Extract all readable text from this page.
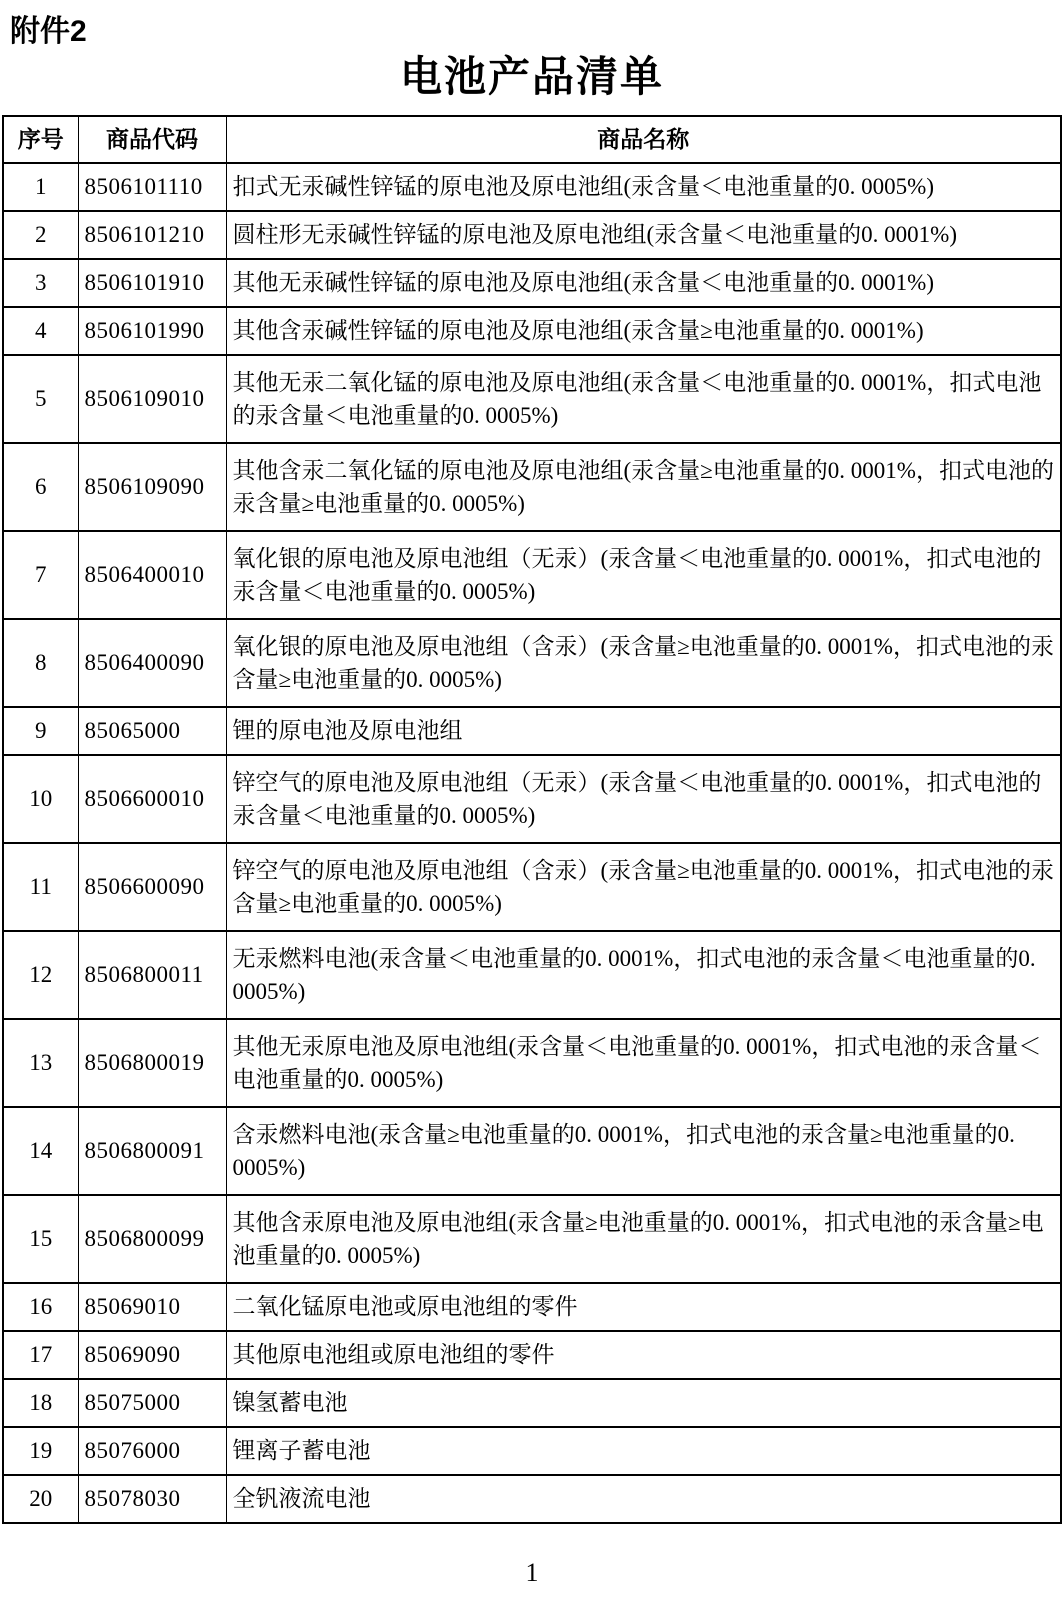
附件2
电池产品清单
序号	商品代码	商品名称
1	8506101110	扣式无汞碱性锌锰的原电池及原电池组(汞含量＜电池重量的0. 0005%)
2	8506101210	圆柱形无汞碱性锌锰的原电池及原电池组(汞含量＜电池重量的0. 0001%)
3	8506101910	其他无汞碱性锌锰的原电池及原电池组(汞含量＜电池重量的0. 0001%)
4	8506101990	其他含汞碱性锌锰的原电池及原电池组(汞含量≥电池重量的0. 0001%)
5	8506109010	其他无汞二氧化锰的原电池及原电池组(汞含量＜电池重量的0. 0001%，扣式电池的汞含量＜电池重量的0. 0005%)
6	8506109090	其他含汞二氧化锰的原电池及原电池组(汞含量≥电池重量的0. 0001%，扣式电池的汞含量≥电池重量的0. 0005%)
7	8506400010	氧化银的原电池及原电池组（无汞）(汞含量＜电池重量的0. 0001%，扣式电池的汞含量＜电池重量的0. 0005%)
8	8506400090	氧化银的原电池及原电池组（含汞）(汞含量≥电池重量的0. 0001%，扣式电池的汞含量≥电池重量的0. 0005%)
9	85065000	锂的原电池及原电池组
10	8506600010	锌空气的原电池及原电池组（无汞）(汞含量＜电池重量的0. 0001%，扣式电池的汞含量＜电池重量的0. 0005%)
11	8506600090	锌空气的原电池及原电池组（含汞）(汞含量≥电池重量的0. 0001%，扣式电池的汞含量≥电池重量的0. 0005%)
12	8506800011	无汞燃料电池(汞含量＜电池重量的0. 0001%，扣式电池的汞含量＜电池重量的0. 0005%)
13	8506800019	其他无汞原电池及原电池组(汞含量＜电池重量的0. 0001%，扣式电池的汞含量＜电池重量的0. 0005%)
14	8506800091	含汞燃料电池(汞含量≥电池重量的0. 0001%，扣式电池的汞含量≥电池重量的0. 0005%)
15	8506800099	其他含汞原电池及原电池组(汞含量≥电池重量的0. 0001%，扣式电池的汞含量≥电池重量的0. 0005%)
16	85069010	二氧化锰原电池或原电池组的零件
17	85069090	其他原电池组或原电池组的零件
18	85075000	镍氢蓄电池
19	85076000	锂离子蓄电池
20	85078030	全钒液流电池
1
